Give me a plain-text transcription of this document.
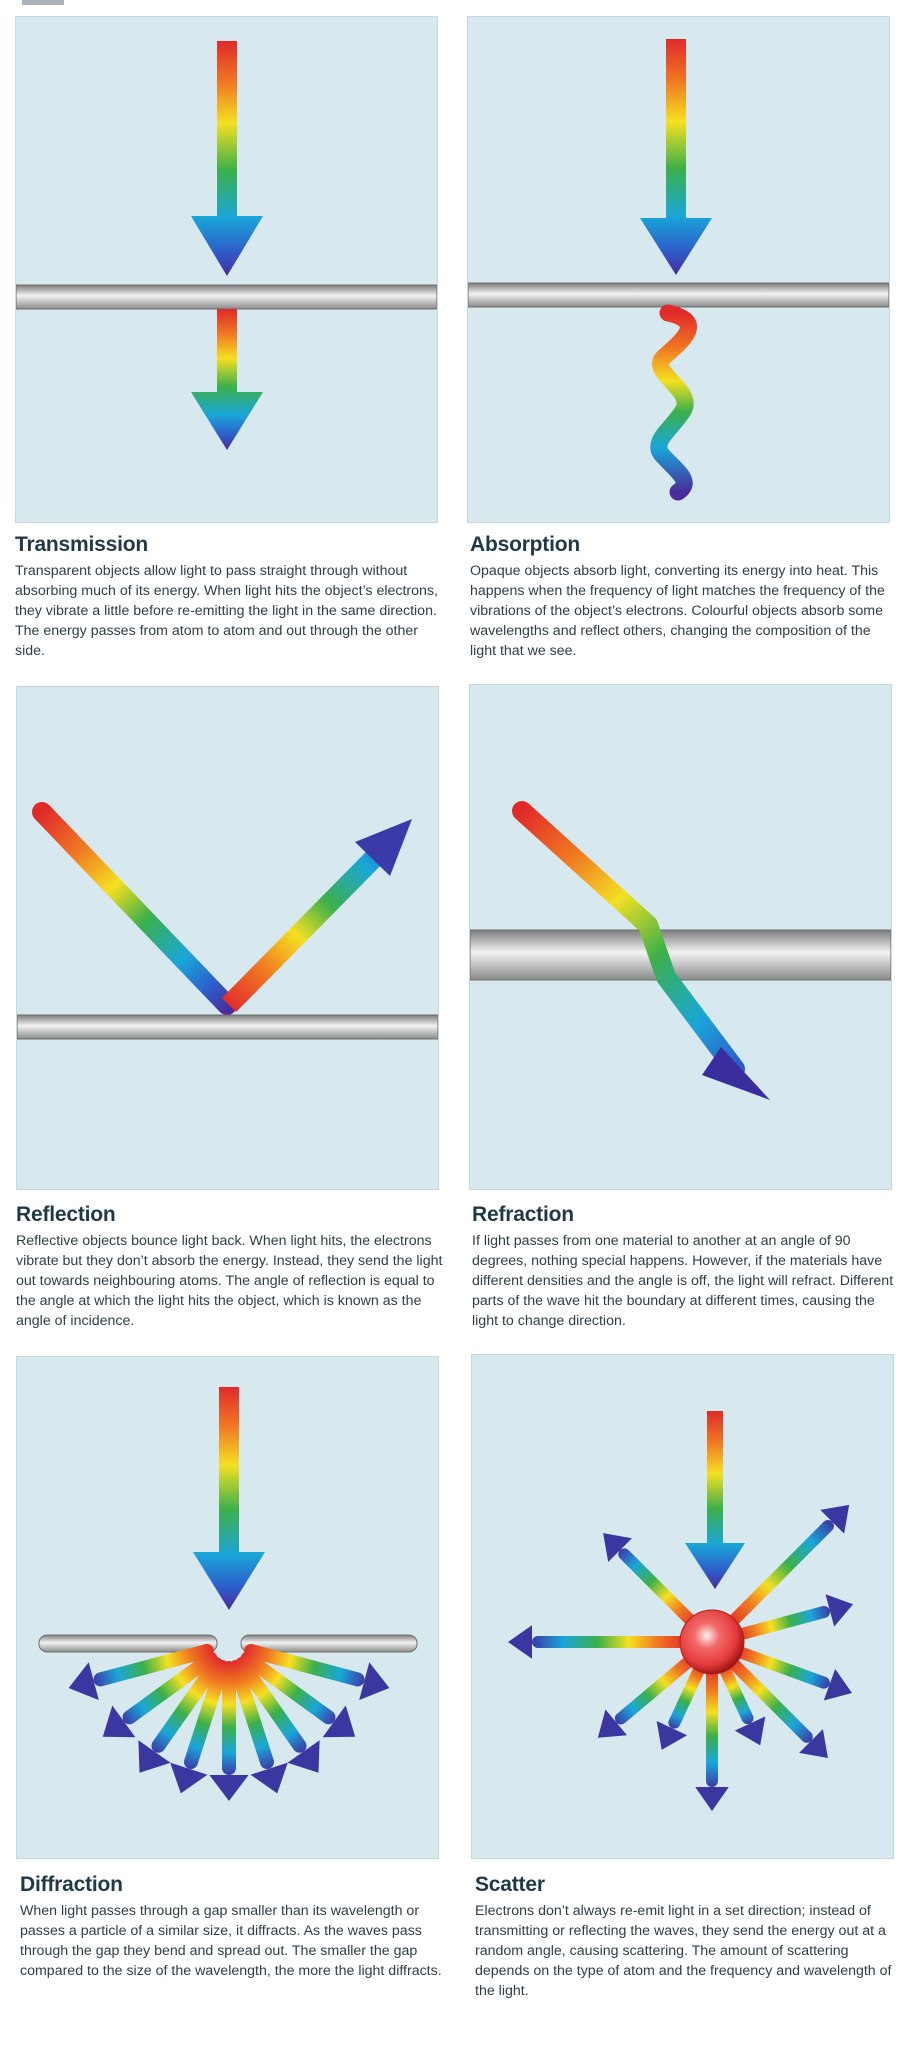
Transmission

Transparent objects allow light to pass straight through without absorbing much of its energy. When light hits the object’s electrons, they vibrate a little before re-emitting the light in the same direction. The energy passes from atom to atom and out through the other side.

Absorption

Opaque objects absorb light, converting its energy into heat. This happens when the frequency of light matches the frequency of the vibrations of the object’s electrons. Colourful objects absorb some wavelengths and reflect others, changing the composition of the light that we see.

Reflection

Reflective objects bounce light back. When light hits, the electrons vibrate but they don’t absorb the energy. Instead, they send the light out towards neighbouring atoms. The angle of reflection is equal to the angle at which the light hits the object, which is known as the angle of incidence.

Refraction

If light passes from one material to another at an angle of 90 degrees, nothing special happens. However, if the materials have different densities and the angle is off, the light will refract. Different parts of the wave hit the boundary at different times, causing the light to change direction.

Diffraction

When light passes through a gap smaller than its wavelength or passes a particle of a similar size, it diffracts. As the waves pass through the gap they bend and spread out. The smaller the gap compared to the size of the wavelength, the more the light diffracts.

Scatter

Electrons don’t always re-emit light in a set direction; instead of transmitting or reflecting the waves, they send the energy out at a random angle, causing scattering. The amount of scattering depends on the type of atom and the frequency and wavelength of the light.
